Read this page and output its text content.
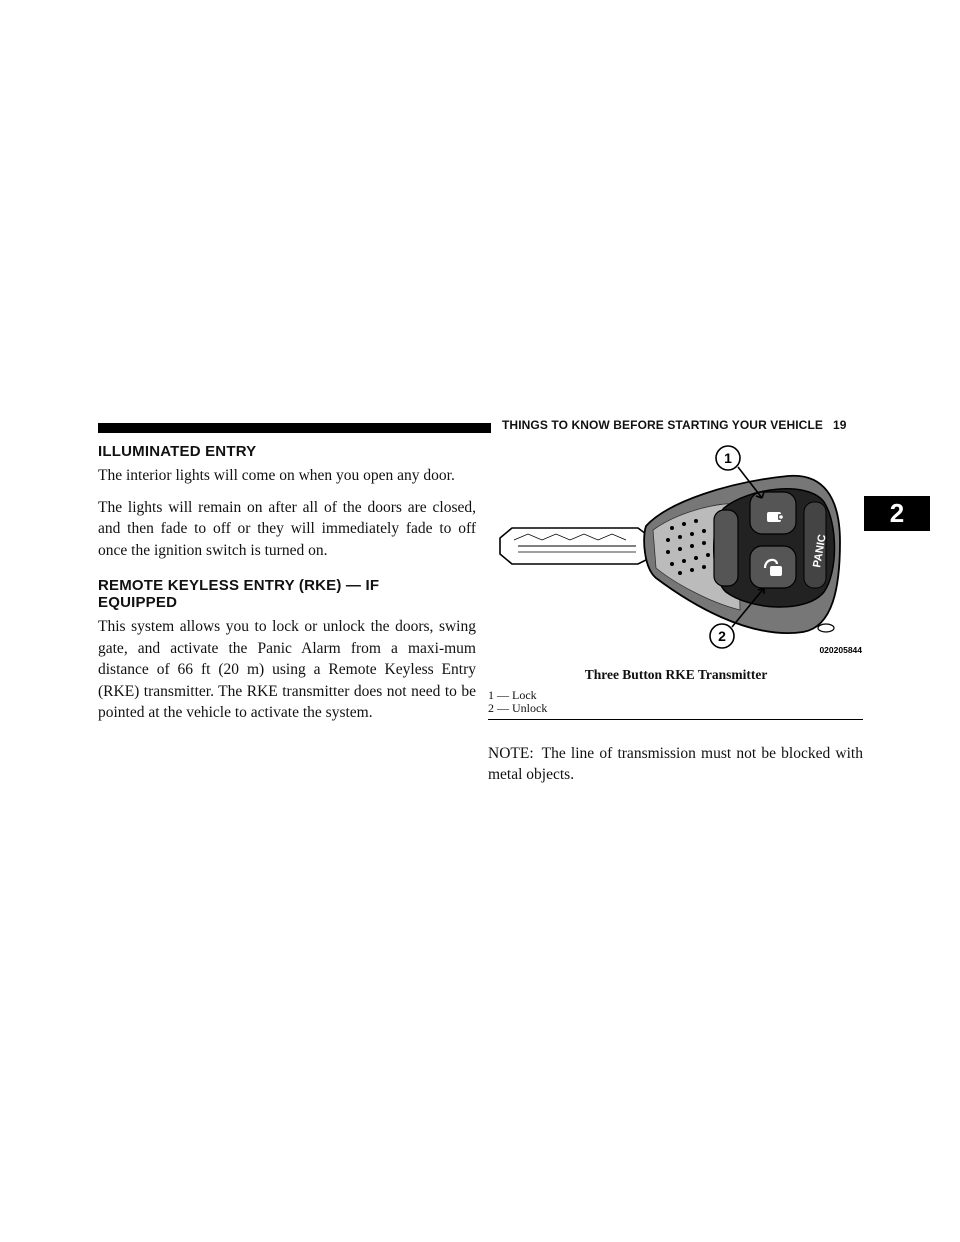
THINGS TO KNOW BEFORE STARTING YOUR VEHICLE 19
2
ILLUMINATED ENTRY

The interior lights will come on when you open any door.

The lights will remain on after all of the doors are closed, and then fade to off or they will immediately fade to off once the ignition switch is turned on.

REMOTE KEYLESS ENTRY (RKE) — IF
EQUIPPED

This system allows you to lock or unlock the doors, swing gate, and activate the Panic Alarm from a maxi-mum distance of 66 ft (20 m) using a Remote Keyless Entry (RKE) transmitter. The RKE transmitter does not need to be pointed at the vehicle to activate the system.

PANIC
1
2
020205844
Three Button RKE Transmitter
1 — Lock
2 — Unlock

NOTE: The line of transmission must not be blocked with metal objects.
